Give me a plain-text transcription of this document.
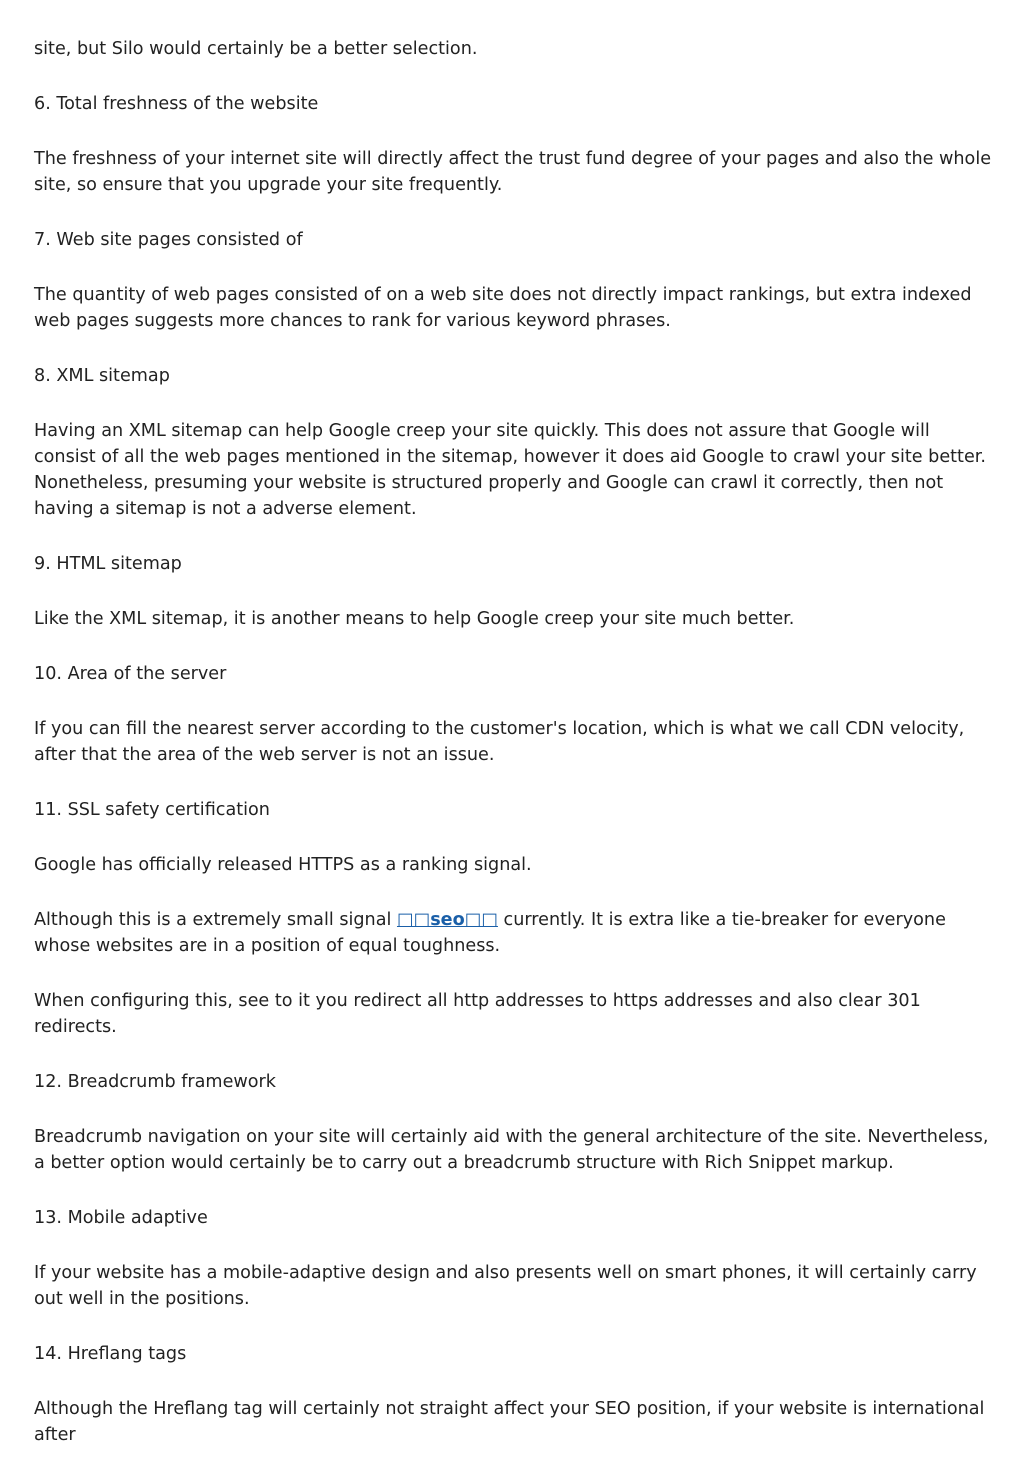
site, but Silo would certainly be a better selection.

6. Total freshness of the website

The freshness of your internet site will directly affect the trust fund degree of your pages and also the whole site, so ensure that you upgrade your site frequently.

7. Web site pages consisted of

The quantity of web pages consisted of on a web site does not directly impact rankings, but extra indexed web pages suggests more chances to rank for various keyword phrases.

8. XML sitemap

Having an XML sitemap can help Google creep your site quickly. This does not assure that Google will consist of all the web pages mentioned in the sitemap, however it does aid Google to crawl your site better. Nonetheless, presuming your website is structured properly and Google can crawl it correctly, then not having a sitemap is not a adverse element.

9. HTML sitemap

Like the XML sitemap, it is another means to help Google creep your site much better.

10. Area of the server

If you can fill the nearest server according to the customer's location, which is what we call CDN velocity, after that the area of the web server is not an issue.

11. SSL safety certification

Google has officially released HTTPS as a ranking signal.

Although this is a extremely small signal □□seo□□ currently. It is extra like a tie-breaker for everyone whose websites are in a position of equal toughness.

When configuring this, see to it you redirect all http addresses to https addresses and also clear 301 redirects.

12. Breadcrumb framework

Breadcrumb navigation on your site will certainly aid with the general architecture of the site. Nevertheless, a better option would certainly be to carry out a breadcrumb structure with Rich Snippet markup.

13. Mobile adaptive

If your website has a mobile-adaptive design and also presents well on smart phones, it will certainly carry out well in the positions.

14. Hreflang tags

Although the Hreflang tag will certainly not straight affect your SEO position, if your website is international after
